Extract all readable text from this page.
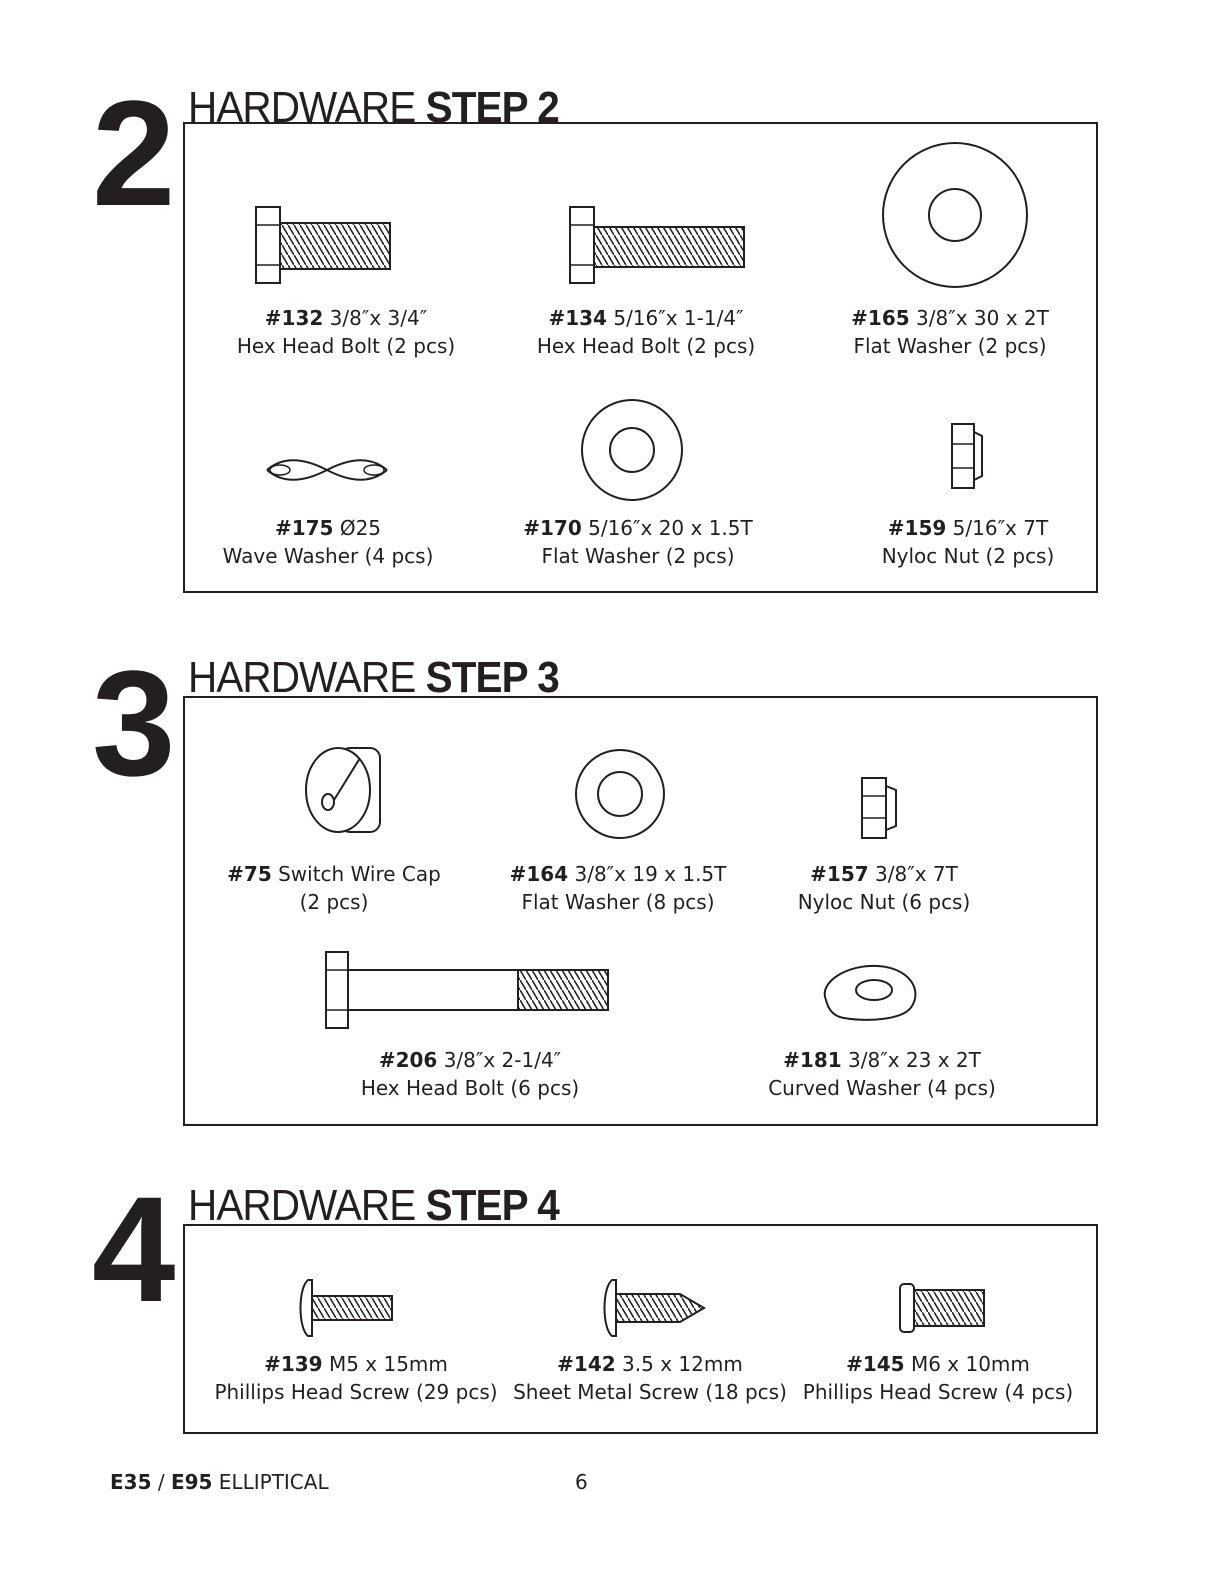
2 HARDWARE STEP 2
#132 3/8″x 3/4″
Hex Head Bolt (2 pcs)
#134 5/16″x 1-1/4″
Hex Head Bolt (2 pcs)
#165 3/8″x 30 x 2T
Flat Washer (2 pcs)
#175 Ø25
Wave Washer (4 pcs)
#170 5/16″x 20 x 1.5T
Flat Washer (2 pcs)
#159 5/16″x 7T
Nyloc Nut (2 pcs)
3 HARDWARE STEP 3
#75 Switch Wire Cap
(2 pcs)
#164 3/8″x 19 x 1.5T
Flat Washer (8 pcs)
#157 3/8″x 7T
Nyloc Nut (6 pcs)
#206 3/8″x 2-1/4″
Hex Head Bolt (6 pcs)
#181 3/8″x 23 x 2T
Curved Washer (4 pcs)
4 HARDWARE STEP 4
#139 M5 x 15mm
Phillips Head Screw (29 pcs)
#142 3.5 x 12mm
Sheet Metal Screw (18 pcs)
#145 M6 x 10mm
Phillips Head Screw (4 pcs)
E35 / E95 ELLIPTICAL	6
